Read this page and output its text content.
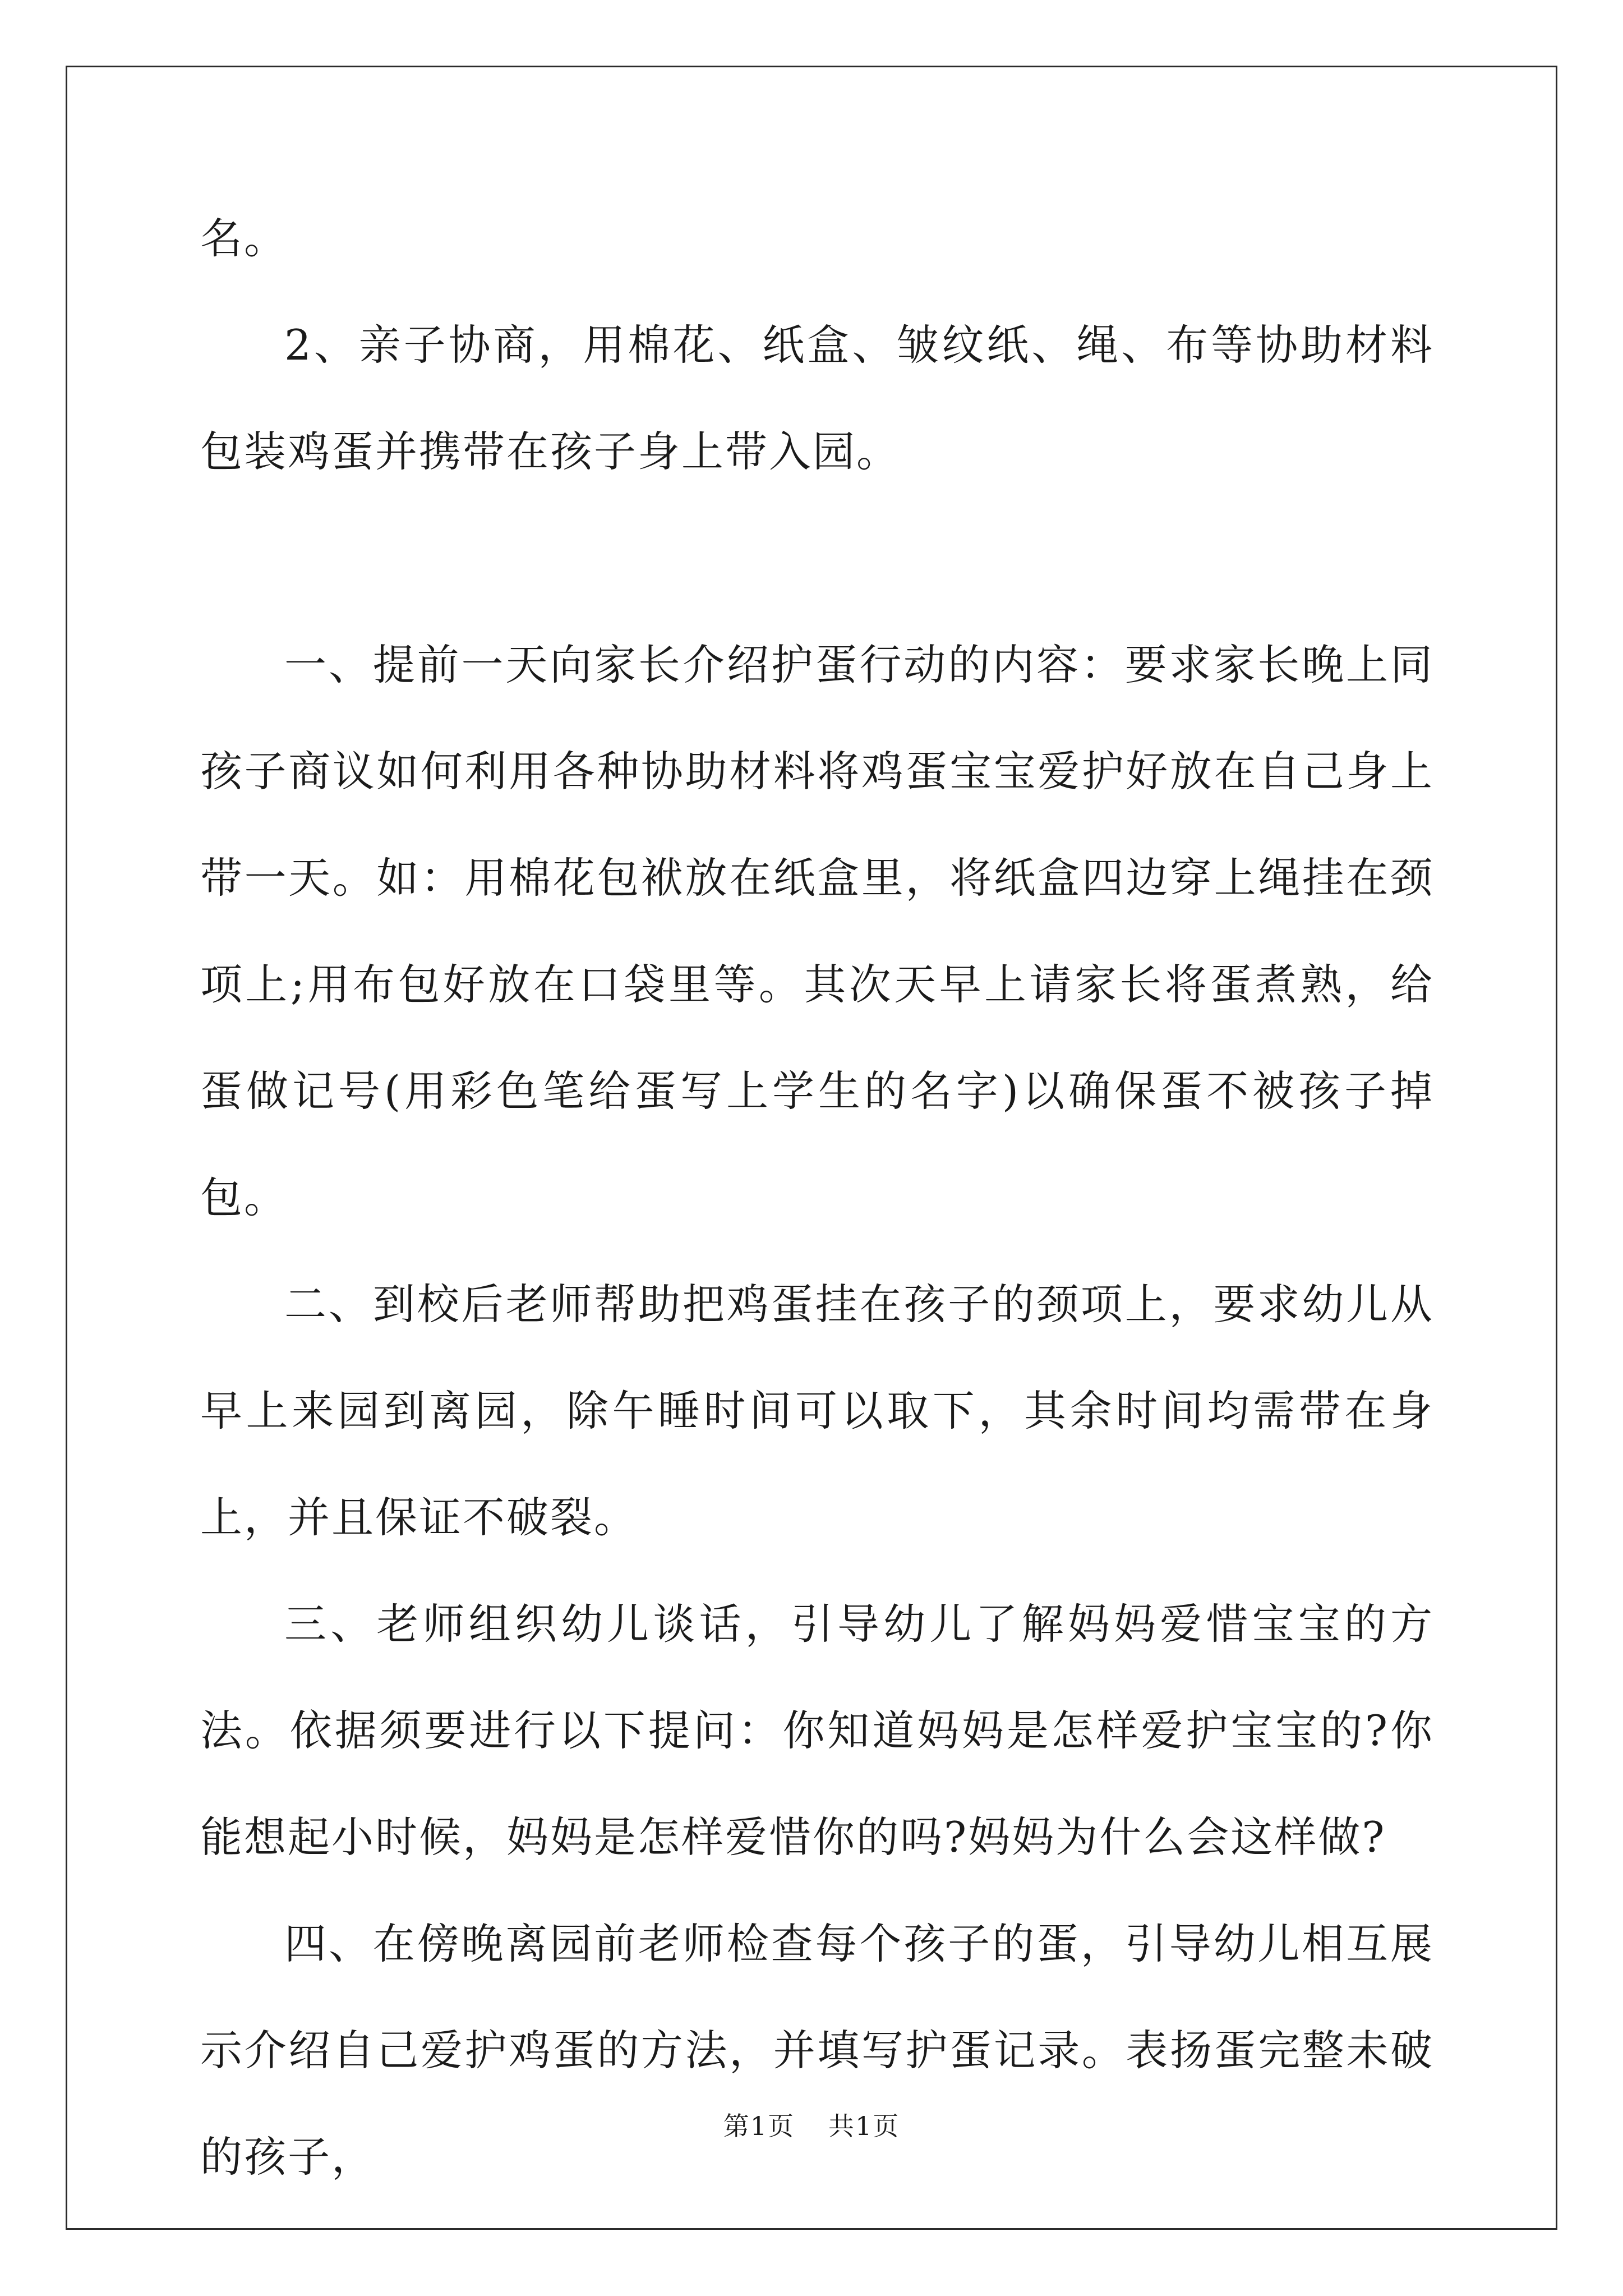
名。

2、亲子协商，用棉花、纸盒、皱纹纸、绳、布等协助材料包装鸡蛋并携带在孩子身上带入园。

一、提前一天向家长介绍护蛋行动的内容：要求家长晚上同孩子商议如何利用各种协助材料将鸡蛋宝宝爱护好放在自己身上带一天。如：用棉花包袱放在纸盒里，将纸盒四边穿上绳挂在颈项上;用布包好放在口袋里等。其次天早上请家长将蛋煮熟，给蛋做记号(用彩色笔给蛋写上学生的名字)以确保蛋不被孩子掉包。

二、到校后老师帮助把鸡蛋挂在孩子的颈项上，要求幼儿从早上来园到离园，除午睡时间可以取下，其余时间均需带在身上，并且保证不破裂。

三、老师组织幼儿谈话，引导幼儿了解妈妈爱惜宝宝的方法。依据须要进行以下提问：你知道妈妈是怎样爱护宝宝的?你能想起小时候，妈妈是怎样爱惜你的吗?妈妈为什么会这样做?

四、在傍晚离园前老师检查每个孩子的蛋，引导幼儿相互展示介绍自己爱护鸡蛋的方法，并填写护蛋记录。表扬蛋完整未破的孩子，

第1页 共1页
